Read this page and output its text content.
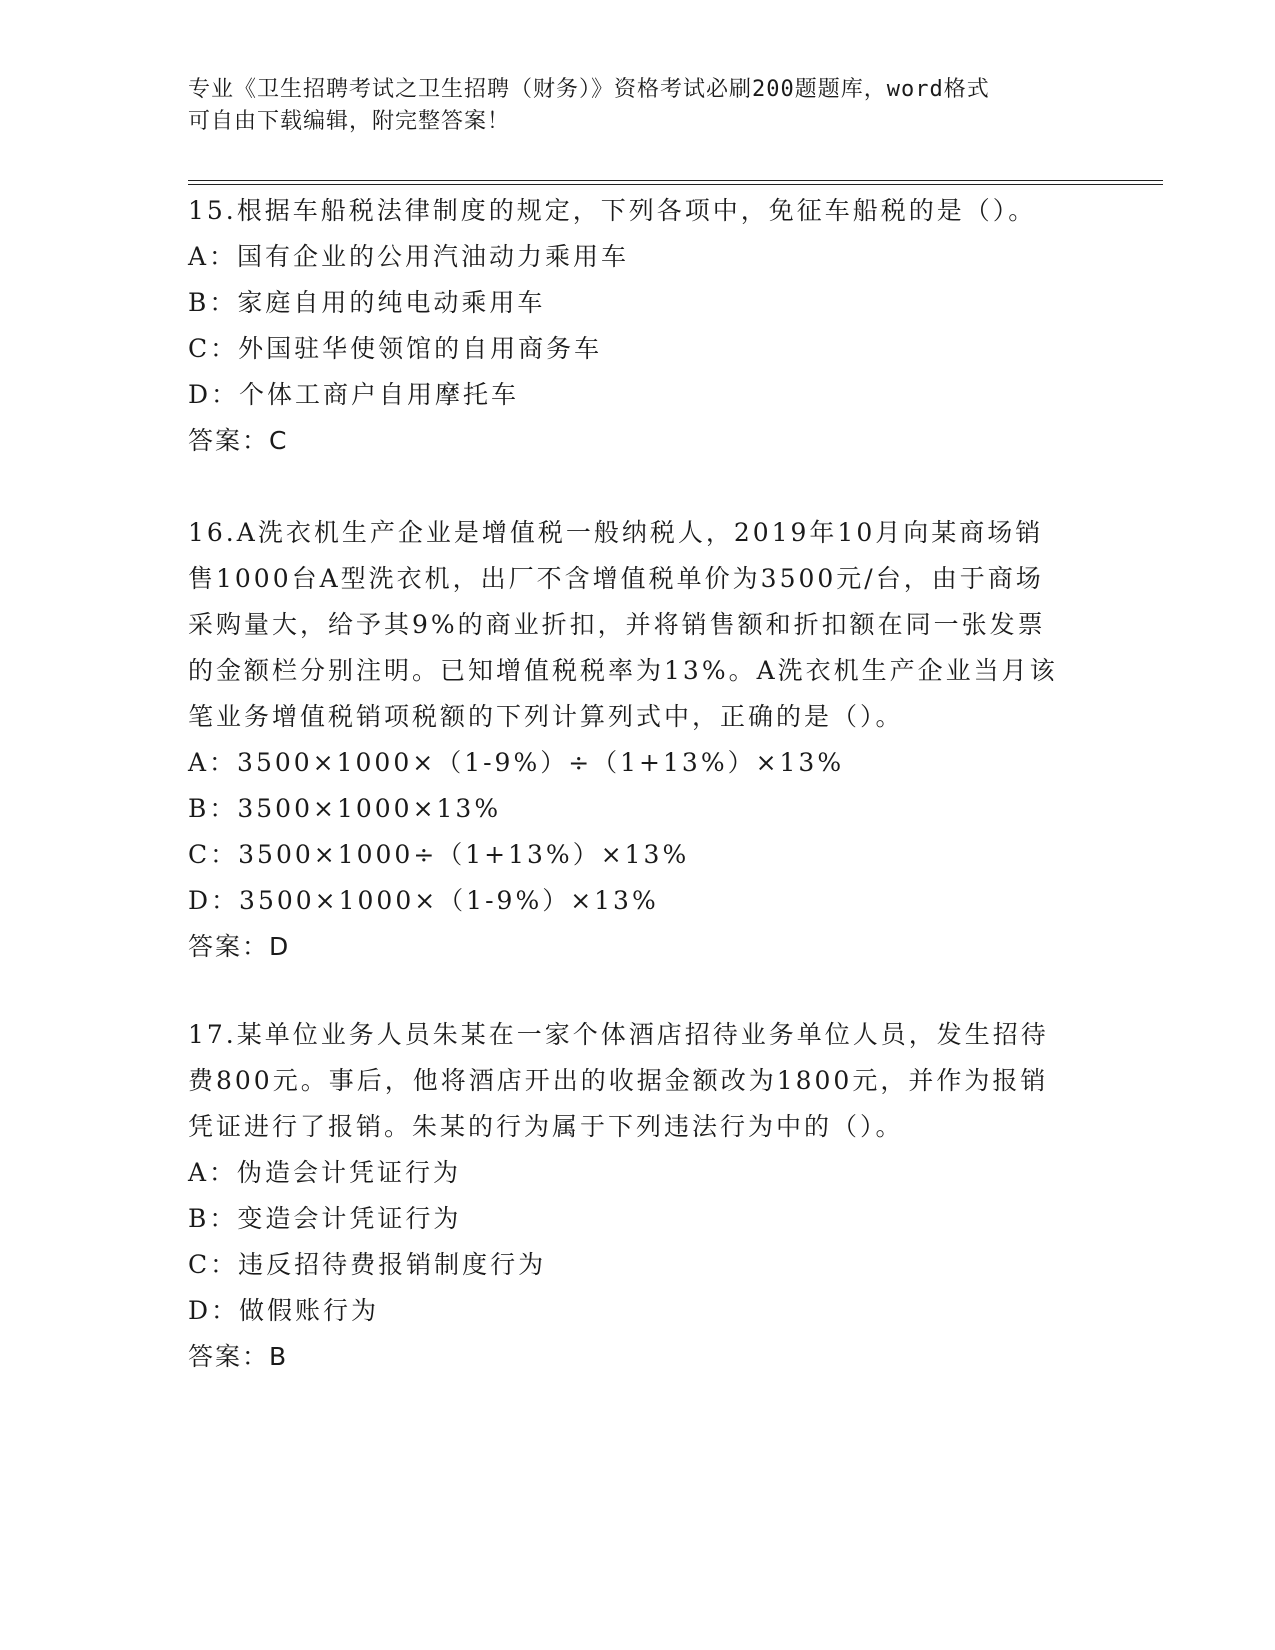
专业《卫生招聘考试之卫生招聘（财务）》资格考试必刷200题题库，word格式
可自由下载编辑，附完整答案！
15.根据车船税法律制度的规定，下列各项中，免征车船税的是（）。
A：国有企业的公用汽油动力乘用车
B：家庭自用的纯电动乘用车
C：外国驻华使领馆的自用商务车
D：个体工商户自用摩托车
答案：C
16.A洗衣机生产企业是增值税一般纳税人，2019年10月向某商场销
售1000台A型洗衣机，出厂不含增值税单价为3500元/台，由于商场
采购量大，给予其9%的商业折扣，并将销售额和折扣额在同一张发票
的金额栏分别注明。已知增值税税率为13%。A洗衣机生产企业当月该
笔业务增值税销项税额的下列计算列式中，正确的是（）。
A：3500×1000×（1-9%）÷（1+13%）×13%
B：3500×1000×13%
C：3500×1000÷（1+13%）×13%
D：3500×1000×（1-9%）×13%
答案：D
17.某单位业务人员朱某在一家个体酒店招待业务单位人员，发生招待
费800元。事后，他将酒店开出的收据金额改为1800元，并作为报销
凭证进行了报销。朱某的行为属于下列违法行为中的（）。
A：伪造会计凭证行为
B：变造会计凭证行为
C：违反招待费报销制度行为
D：做假账行为
答案：B
